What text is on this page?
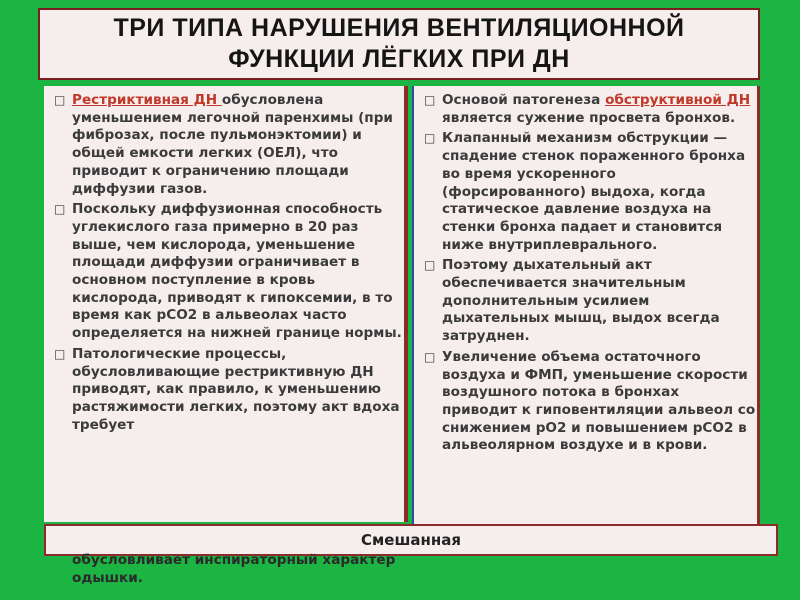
ТРИ ТИПА НАРУШЕНИЯ ВЕНТИЛЯЦИОННОЙ
ФУНКЦИИ ЛЁГКИХ ПРИ ДН
□ Рестриктивная ДН обусловлена уменьшением легочной паренхимы (при фиброзах, после пульмонэктомии) и общей емкости легких (ОЕЛ), что приводит к ограничению площади диффузии газов.
□ Поскольку диффузионная способность углекислого газа примерно в 20 раз выше, чем кислорода, уменьшение площади диффузии ограничивает в основном поступление в кровь кислорода, приводят к гипоксемии, в то время как рСО2 в альвеолах часто определяется на нижней границе нормы.
□ Патологические процессы, обусловливающие рестриктивную ДН приводят, как правило, к уменьшению растяжимости легких, поэтому акт вдоха требует
□ Основой патогенеза обструктивной ДН является сужение просвета бронхов.
□ Клапанный механизм обструкции — спадение стенок пораженного бронха во время ускоренного (форсированного) выдоха, когда статическое давление воздуха на стенки бронха падает и становится ниже внутриплеврального.
□ Поэтому дыхательный акт обеспечивается значительным дополнительным усилием дыхательных мышц, выдох всегда затруднен.
□ Увеличение объема остаточного воздуха и ФМП, уменьшение скорости воздушного потока в бронхах приводит к гиповентиляции альвеол со снижением рО2 и повышением рСО2 в альвеолярном воздухе и в крови.
Смешанная
обусловливает инспираторный характер одышки.
